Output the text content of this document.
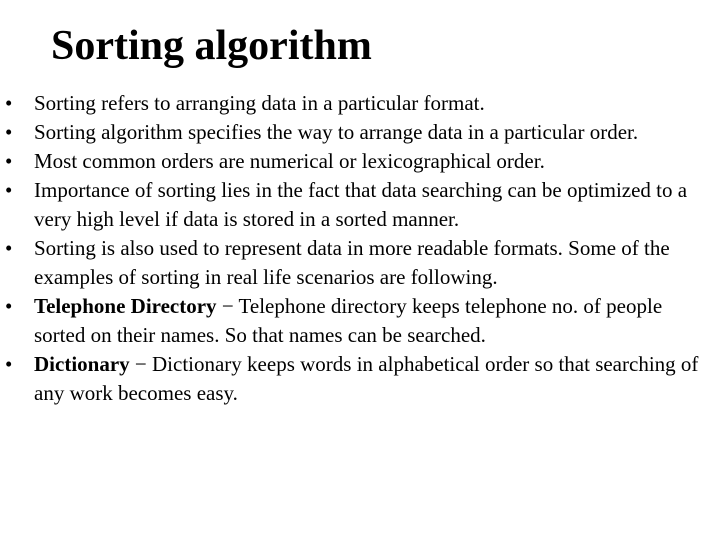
Sorting algorithm
• Sorting refers to arranging data in a particular format.
• Sorting algorithm specifies the way to arrange data in a particular order.
• Most common orders are numerical or lexicographical order.
• Importance of sorting lies in the fact that data searching can be optimized to a very high level if data is stored in a sorted manner.
• Sorting is also used to represent data in more readable formats. Some of the examples of sorting in real life scenarios are following.
• Telephone Directory − Telephone directory keeps telephone no. of people sorted on their names. So that names can be searched.
• Dictionary − Dictionary keeps words in alphabetical order so that searching of any work becomes easy.
